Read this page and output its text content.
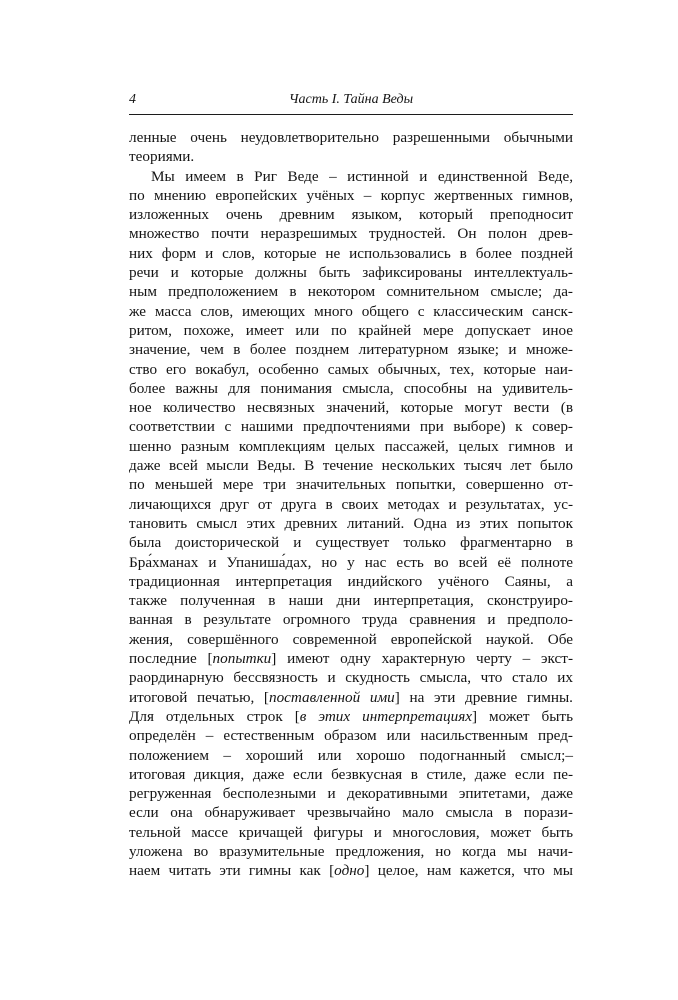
4	Часть I. Тайна Веды
ленные очень неудовлетворительно разрешенными обычными
теориями.
Мы имеем в Риг Веде – истинной и единственной Веде,
по мнению европейских учёных – корпус жертвенных гимнов,
изложенных очень древним языком, который преподносит
множество почти неразрешимых трудностей. Он полон древ-
них форм и слов, которые не использовались в более поздней
речи и которые должны быть зафиксированы интеллектуаль-
ным предположением в некотором сомнительном смысле; да-
же масса слов, имеющих много общего с классическим санск-
ритом, похоже, имеет или по крайней мере допускает иное
значение, чем в более позднем литературном языке; и множе-
ство его вокабул, особенно самых обычных, тех, которые наи-
более важны для понимания смысла, способны на удивитель-
ное количество несвязных значений, которые могут вести (в
соответствии с нашими предпочтениями при выборе) к совер-
шенно разным комплекциям целых пассажей, целых гимнов и
даже всей мысли Веды. В течение нескольких тысяч лет было
по меньшей мере три значительных попытки, совершенно от-
личающихся друг от друга в своих методах и результатах, ус-
тановить смысл этих древних литаний. Одна из этих попыток
была доисторической и существует только фрагментарно в
Бра́хманах и Упаниша́дах, но у нас есть во всей её полноте
традиционная интерпретация индийского учёного Саяны, а
также полученная в наши дни интерпретация, сконструиро-
ванная в результате огромного труда сравнения и предполо-
жения, совершённого современной европейской наукой. Обе
последние [попытки] имеют одну характерную черту – экст-
раординарную бессвязность и скудность смысла, что стало их
итоговой печатью, [поставленной ими] на эти древние гимны.
Для отдельных строк [в этих интерпретациях] может быть
определён – естественным образом или насильственным пред-
положением – хороший или хорошо подогнанный смысл;–
итоговая дикция, даже если безвкусная в стиле, даже если пе-
регруженная бесполезными и декоративными эпитетами, даже
если она обнаруживает чрезвычайно мало смысла в порази-
тельной массе кричащей фигуры и многословия, может быть
уложена во вразумительные предложения, но когда мы начи-
наем читать эти гимны как [одно] целое, нам кажется, что мы
